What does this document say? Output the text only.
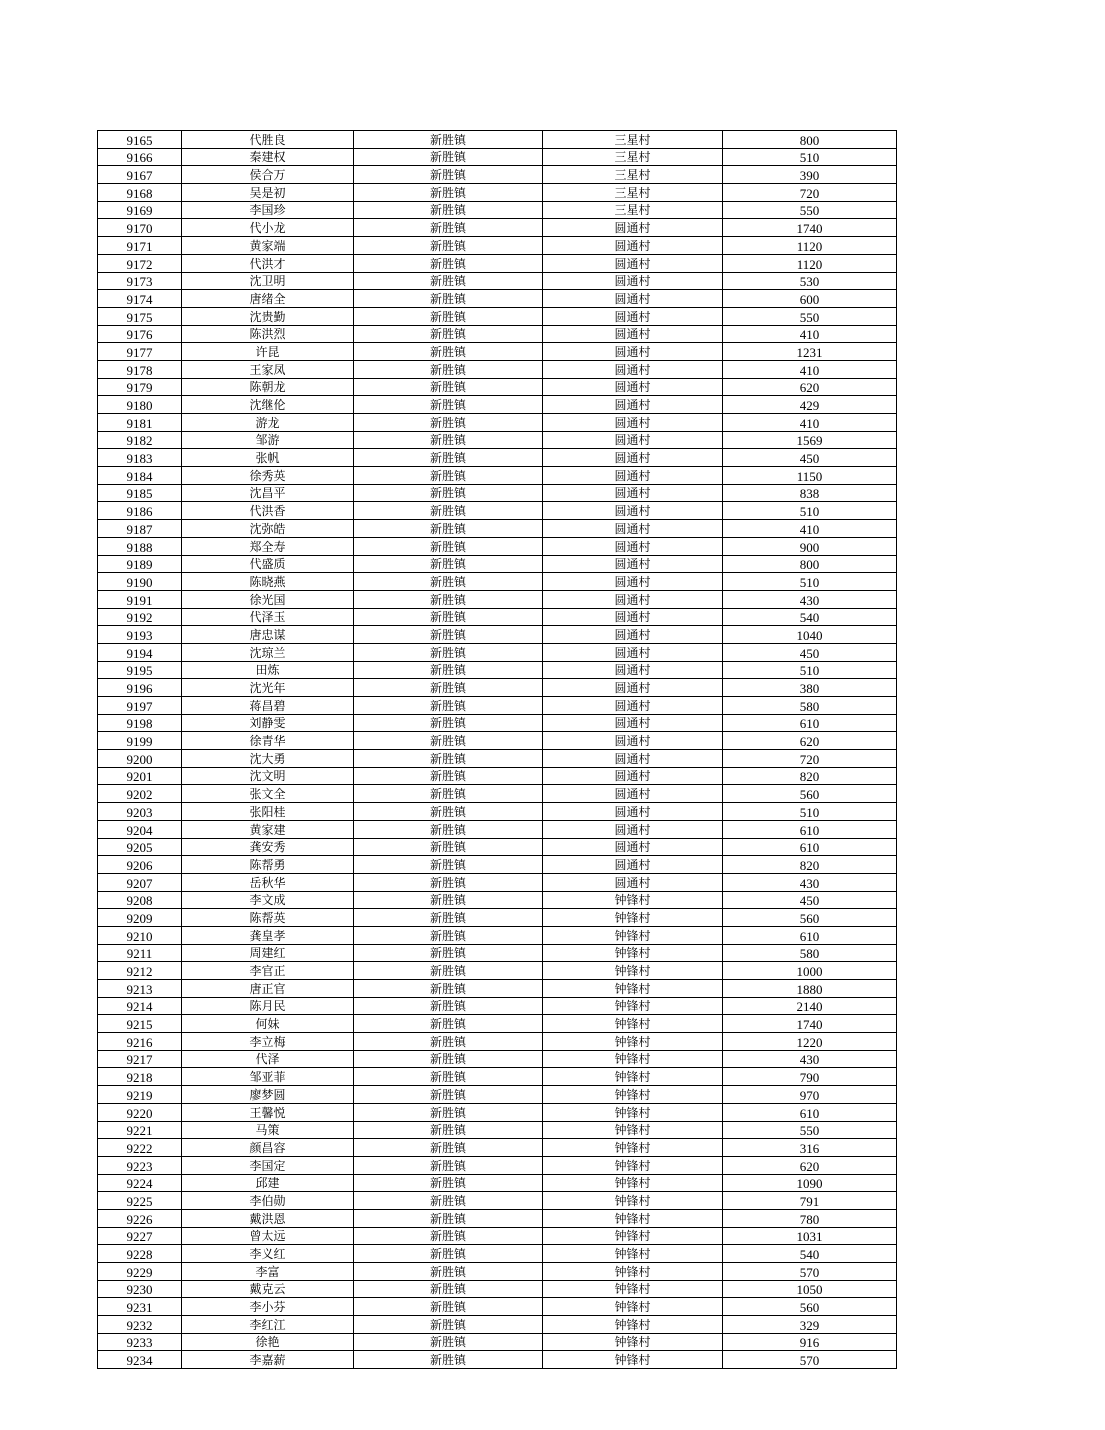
9165	代胜良	新胜镇	三星村	800
9166	秦建权	新胜镇	三星村	510
9167	侯合万	新胜镇	三星村	390
9168	吴是初	新胜镇	三星村	720
9169	李国珍	新胜镇	三星村	550
9170	代小龙	新胜镇	圆通村	1740
9171	黄家端	新胜镇	圆通村	1120
9172	代洪才	新胜镇	圆通村	1120
9173	沈卫明	新胜镇	圆通村	530
9174	唐绪全	新胜镇	圆通村	600
9175	沈贵勤	新胜镇	圆通村	550
9176	陈洪烈	新胜镇	圆通村	410
9177	许昆	新胜镇	圆通村	1231
9178	王家凤	新胜镇	圆通村	410
9179	陈朝龙	新胜镇	圆通村	620
9180	沈继伦	新胜镇	圆通村	429
9181	游龙	新胜镇	圆通村	410
9182	邹游	新胜镇	圆通村	1569
9183	张帆	新胜镇	圆通村	450
9184	徐秀英	新胜镇	圆通村	1150
9185	沈昌平	新胜镇	圆通村	838
9186	代洪香	新胜镇	圆通村	510
9187	沈弥皓	新胜镇	圆通村	410
9188	郑全寿	新胜镇	圆通村	900
9189	代盛质	新胜镇	圆通村	800
9190	陈晓燕	新胜镇	圆通村	510
9191	徐光国	新胜镇	圆通村	430
9192	代泽玉	新胜镇	圆通村	540
9193	唐忠谋	新胜镇	圆通村	1040
9194	沈琼兰	新胜镇	圆通村	450
9195	田炼	新胜镇	圆通村	510
9196	沈光年	新胜镇	圆通村	380
9197	蒋昌碧	新胜镇	圆通村	580
9198	刘静雯	新胜镇	圆通村	610
9199	徐青华	新胜镇	圆通村	620
9200	沈大勇	新胜镇	圆通村	720
9201	沈文明	新胜镇	圆通村	820
9202	张文全	新胜镇	圆通村	560
9203	张阳桂	新胜镇	圆通村	510
9204	黄家建	新胜镇	圆通村	610
9205	龚安秀	新胜镇	圆通村	610
9206	陈帮勇	新胜镇	圆通村	820
9207	岳秋华	新胜镇	圆通村	430
9208	李文成	新胜镇	钟锋村	450
9209	陈帮英	新胜镇	钟锋村	560
9210	龚皇孝	新胜镇	钟锋村	610
9211	周建红	新胜镇	钟锋村	580
9212	李官正	新胜镇	钟锋村	1000
9213	唐正官	新胜镇	钟锋村	1880
9214	陈月民	新胜镇	钟锋村	2140
9215	何妹	新胜镇	钟锋村	1740
9216	李立梅	新胜镇	钟锋村	1220
9217	代泽	新胜镇	钟锋村	430
9218	邹亚菲	新胜镇	钟锋村	790
9219	廖梦圆	新胜镇	钟锋村	970
9220	王馨悦	新胜镇	钟锋村	610
9221	马策	新胜镇	钟锋村	550
9222	颜昌容	新胜镇	钟锋村	316
9223	李国定	新胜镇	钟锋村	620
9224	邱建	新胜镇	钟锋村	1090
9225	李伯勋	新胜镇	钟锋村	791
9226	戴洪恩	新胜镇	钟锋村	780
9227	曾太远	新胜镇	钟锋村	1031
9228	李义红	新胜镇	钟锋村	540
9229	李富	新胜镇	钟锋村	570
9230	戴克云	新胜镇	钟锋村	1050
9231	李小芬	新胜镇	钟锋村	560
9232	李红江	新胜镇	钟锋村	329
9233	徐艳	新胜镇	钟锋村	916
9234	李嘉薪	新胜镇	钟锋村	570
